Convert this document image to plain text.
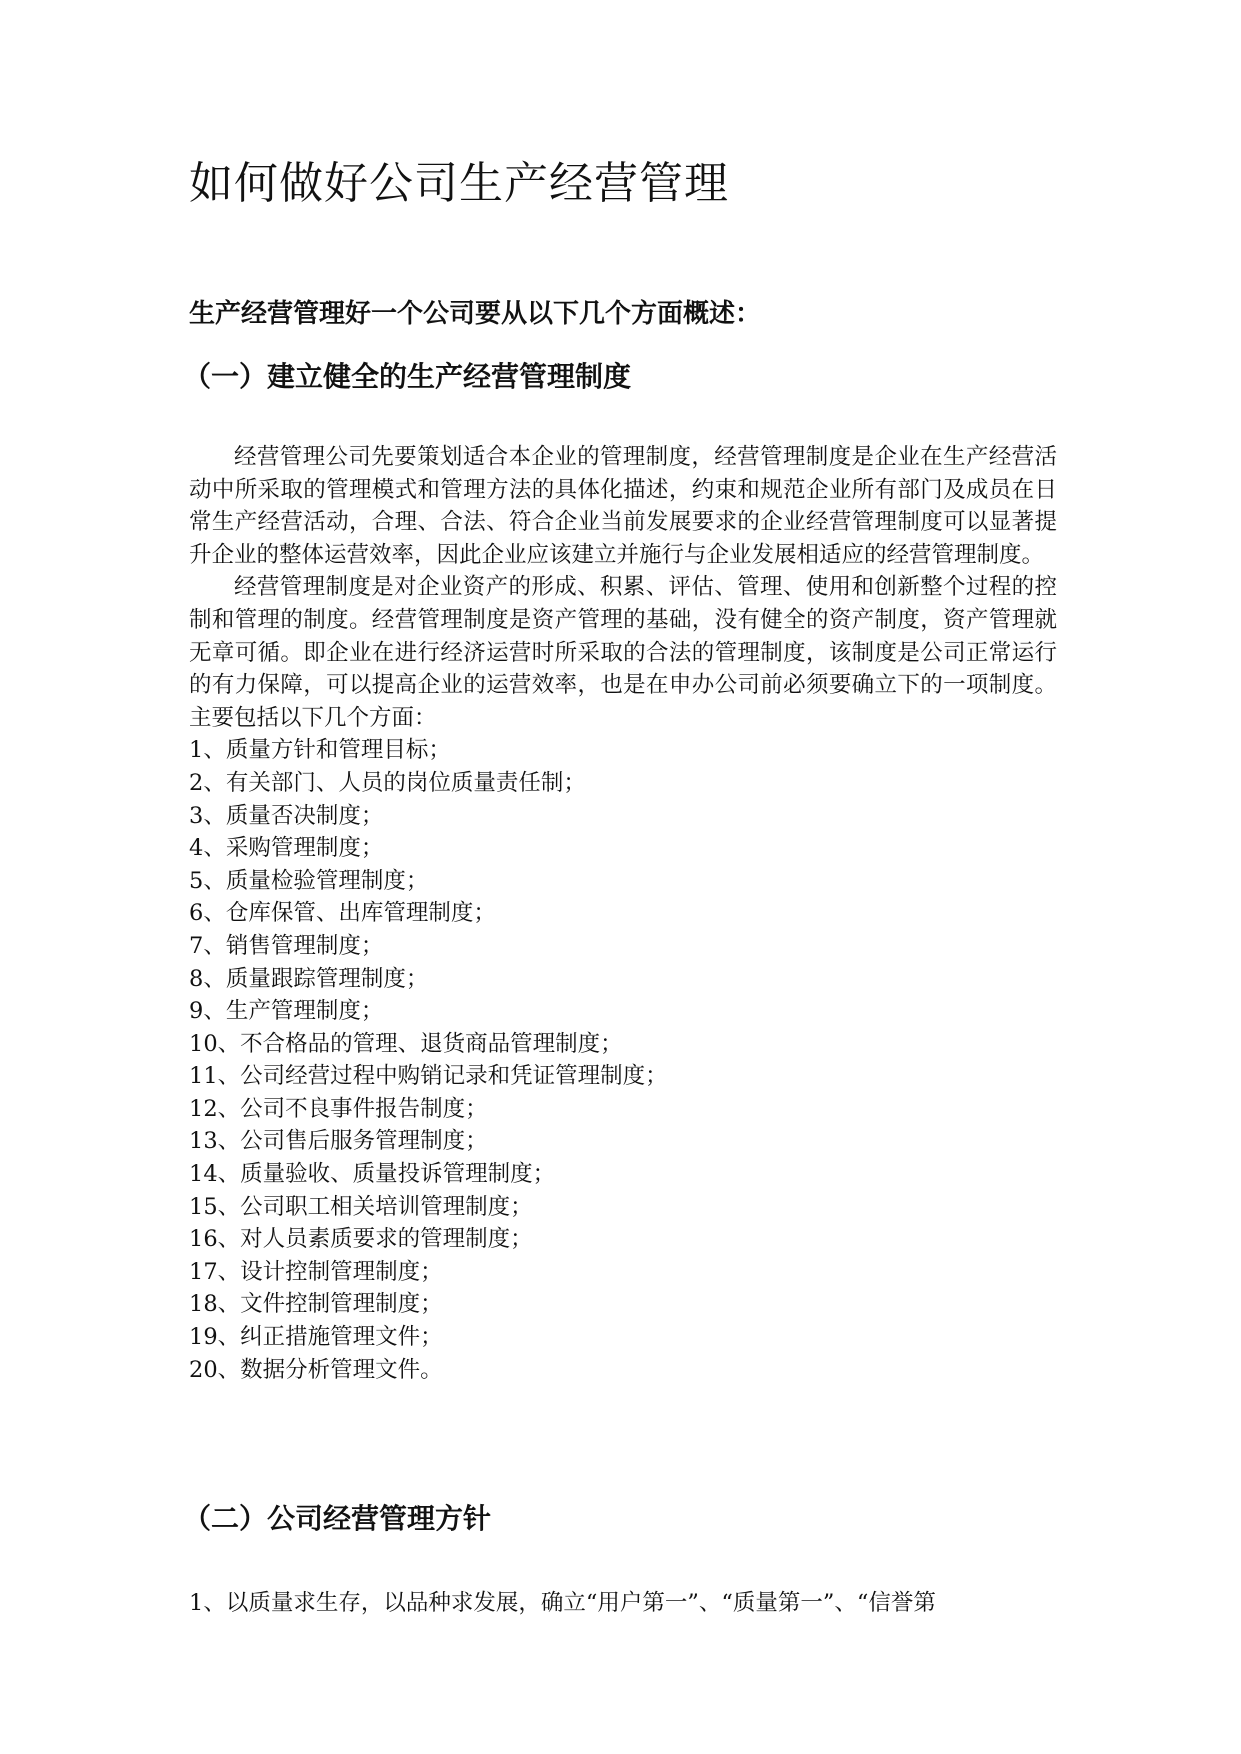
如何做好公司生产经营管理
生产经营管理好一个公司要从以下几个方面概述：
（一）建立健全的生产经营管理制度

经营管理公司先要策划适合本企业的管理制度，经营管理制度是企业在生产经营活动中所采取的管理模式和管理方法的具体化描述，约束和规范企业所有部门及成员在日常生产经营活动，合理、合法、符合企业当前发展要求的企业经营管理制度可以显著提升企业的整体运营效率，因此企业应该建立并施行与企业发展相适应的经营管理制度。

经营管理制度是对企业资产的形成、积累、评估、管理、使用和创新整个过程的控制和管理的制度。经营管理制度是资产管理的基础，没有健全的资产制度，资产管理就无章可循。即企业在进行经济运营时所采取的合法的管理制度，该制度是公司正常运行的有力保障，可以提高企业的运营效率，也是在申办公司前必须要确立下的一项制度。主要包括以下几个方面：

1、质量方针和管理目标；
2、有关部门、人员的岗位质量责任制；
3、质量否决制度；
4、采购管理制度；
5、质量检验管理制度；
6、仓库保管、出库管理制度；
7、销售管理制度；
8、质量跟踪管理制度；
9、生产管理制度；
10、不合格品的管理、退货商品管理制度；
11、公司经营过程中购销记录和凭证管理制度；
12、公司不良事件报告制度；
13、公司售后服务管理制度；
14、质量验收、质量投诉管理制度；
15、公司职工相关培训管理制度；
16、对人员素质要求的管理制度；
17、设计控制管理制度；
18、文件控制管理制度；
19、纠正措施管理文件；
20、数据分析管理文件。
（二）公司经营管理方针

1、以质量求生存，以品种求发展，确立“用户第一”、“质量第一”、“信誉第
